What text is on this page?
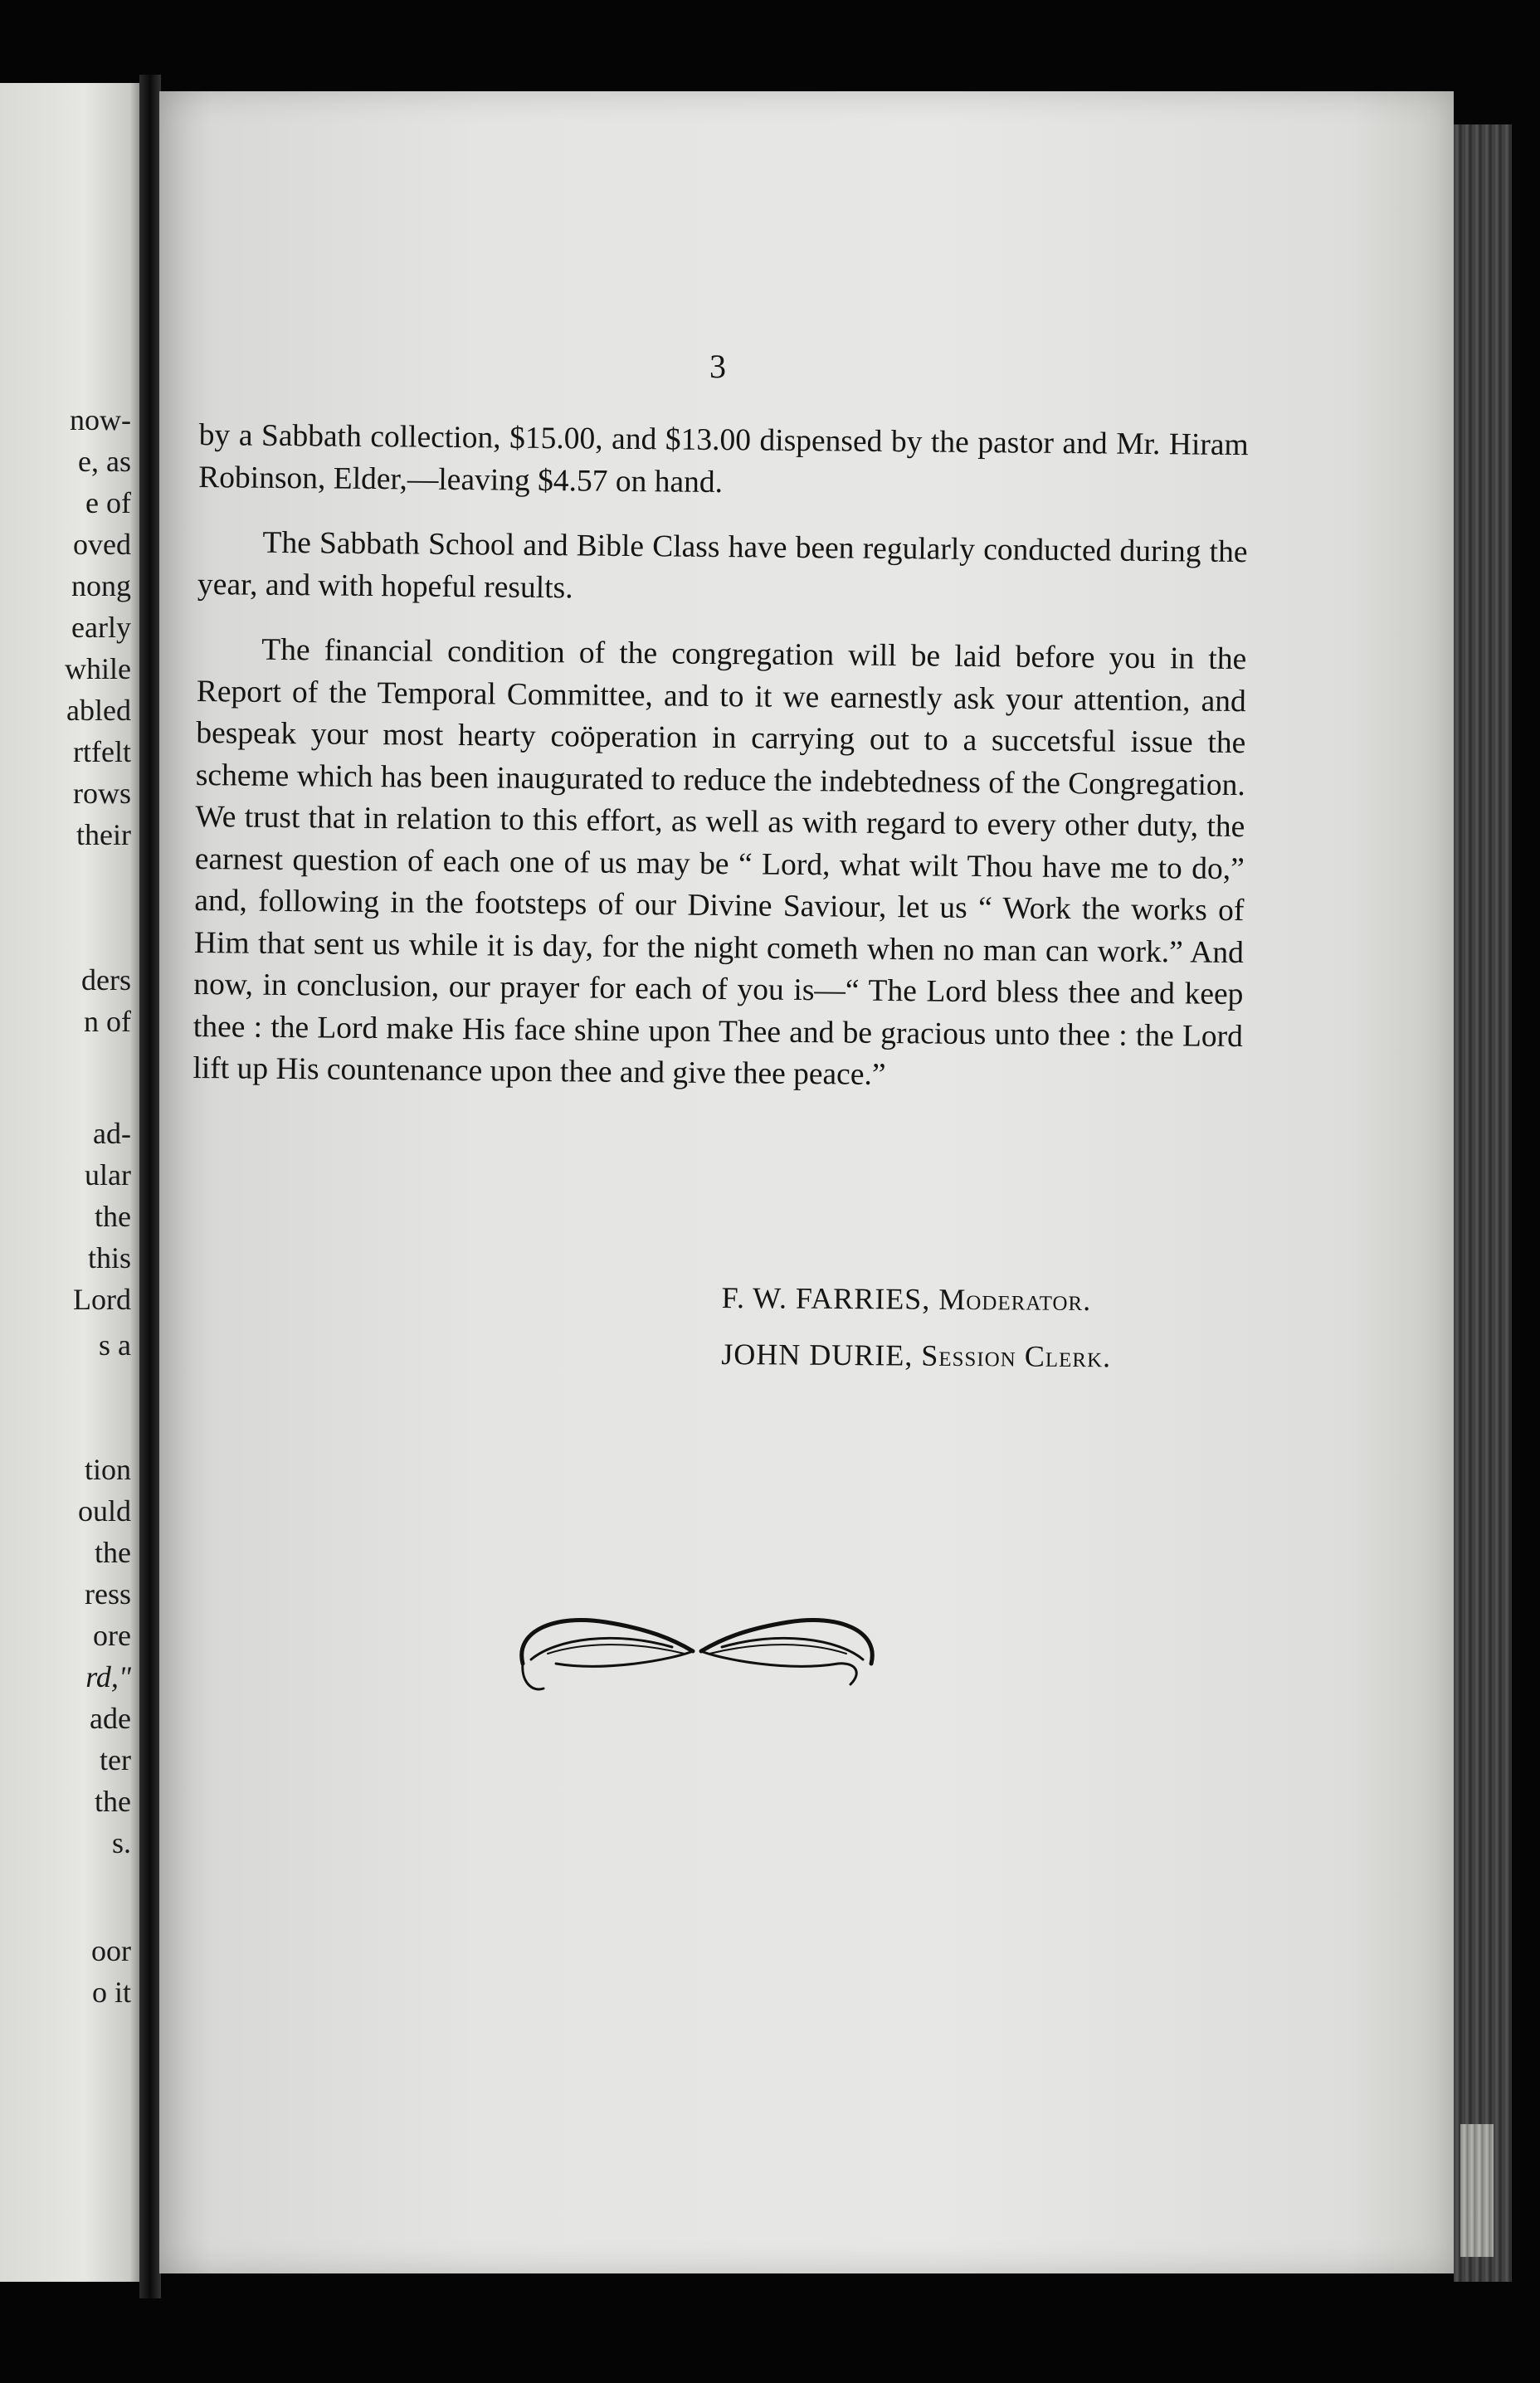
now-
e, as
e of
oved
nong
early
while
abled
rtfelt
rows
their
ders
n of
ad-
ular
the
this
Lord
s a
tion
ould
the
ress
ore
rd,"
ade
ter
the
s.
oor
o it
3

by a Sabbath collection, $15.00, and $13.00 dispensed by the pastor and Mr. Hiram Robinson, Elder,—leaving $4.57 on hand.

The Sabbath School and Bible Class have been regularly conducted during the year, and with hopeful results.

The financial condition of the congregation will be laid before you in the Report of the Temporal Committee, and to it we earnestly ask your attention, and bespeak your most hearty coöperation in carrying out to a succetsful issue the scheme which has been inaugurated to reduce the indebtedness of the Congregation. We trust that in relation to this effort, as well as with regard to every other duty, the earnest question of each one of us may be “ Lord, what wilt Thou have me to do,” and, following in the footsteps of our Divine Saviour, let us “ Work the works of Him that sent us while it is day, for the night cometh when no man can work.” And now, in conclusion, our prayer for each of you is—“ The Lord bless thee and keep thee : the Lord make His face shine upon Thee and be gracious unto thee : the Lord lift up His countenance upon thee and give thee peace.”

F. W. FARRIES, Moderator.
JOHN DURIE, Session Clerk.
